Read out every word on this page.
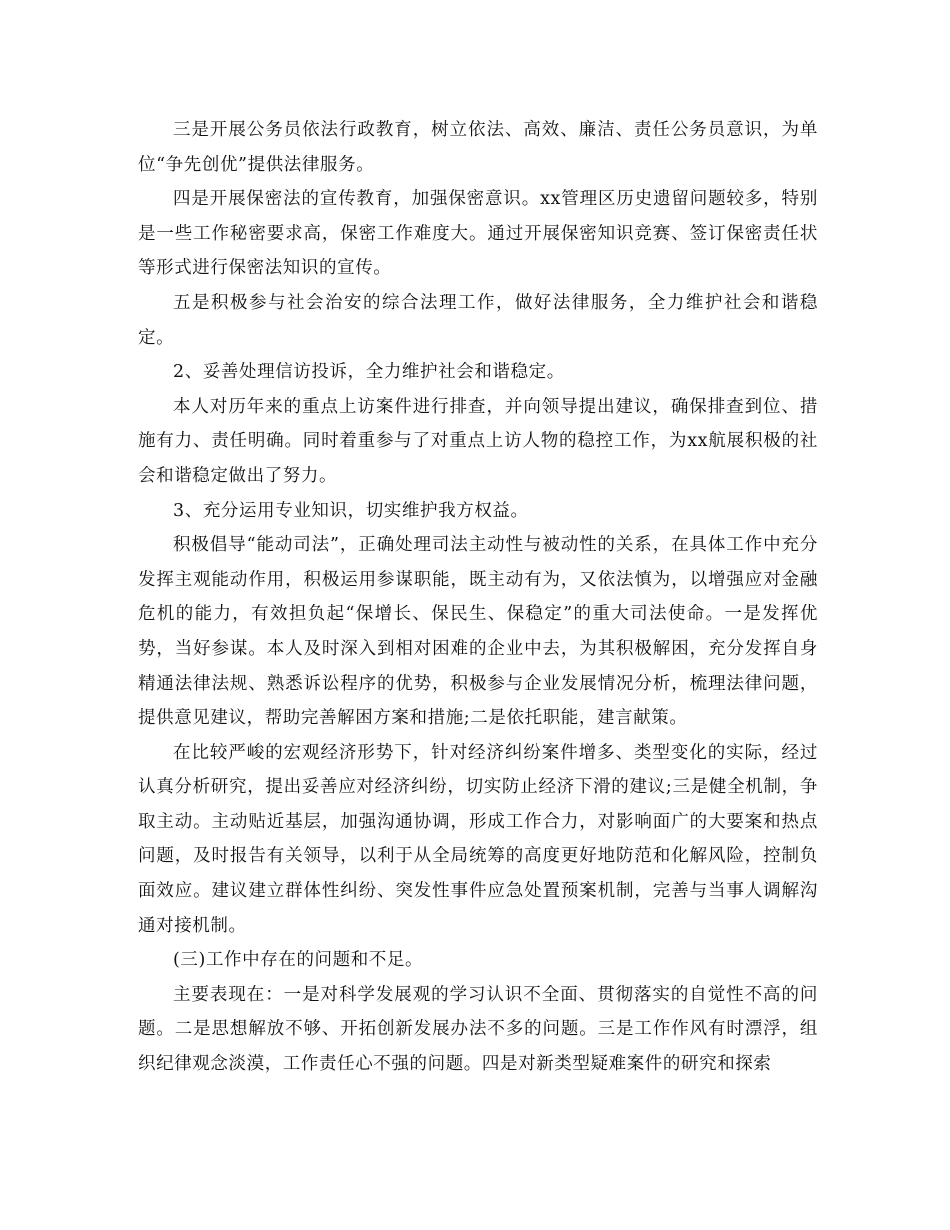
三是开展公务员依法行政教育，树立依法、高效、廉洁、责任公务员意识，为单位“争先创优”提供法律服务。

四是开展保密法的宣传教育，加强保密意识。xx管理区历史遗留问题较多，特别是一些工作秘密要求高，保密工作难度大。通过开展保密知识竞赛、签订保密责任状等形式进行保密法知识的宣传。

五是积极参与社会治安的综合法理工作，做好法律服务，全力维护社会和谐稳定。

2、妥善处理信访投诉，全力维护社会和谐稳定。

本人对历年来的重点上访案件进行排查，并向领导提出建议，确保排查到位、措施有力、责任明确。同时着重参与了对重点上访人物的稳控工作，为xx航展积极的社会和谐稳定做出了努力。

3、充分运用专业知识，切实维护我方权益。

积极倡导“能动司法”，正确处理司法主动性与被动性的关系，在具体工作中充分发挥主观能动作用，积极运用参谋职能，既主动有为，又依法慎为，以增强应对金融危机的能力，有效担负起“保增长、保民生、保稳定”的重大司法使命。一是发挥优势，当好参谋。本人及时深入到相对困难的企业中去，为其积极解困，充分发挥自身精通法律法规、熟悉诉讼程序的优势，积极参与企业发展情况分析，梳理法律问题，提供意见建议，帮助完善解困方案和措施;二是依托职能，建言献策。

在比较严峻的宏观经济形势下，针对经济纠纷案件增多、类型变化的实际，经过认真分析研究，提出妥善应对经济纠纷，切实防止经济下滑的建议;三是健全机制，争取主动。主动贴近基层，加强沟通协调，形成工作合力，对影响面广的大要案和热点问题，及时报告有关领导，以利于从全局统筹的高度更好地防范和化解风险，控制负面效应。建议建立群体性纠纷、突发性事件应急处置预案机制，完善与当事人调解沟通对接机制。

(三)工作中存在的问题和不足。

主要表现在：一是对科学发展观的学习认识不全面、贯彻落实的自觉性不高的问题。二是思想解放不够、开拓创新发展办法不多的问题。三是工作作风有时漂浮，组织纪律观念淡漠，工作责任心不强的问题。四是对新类型疑难案件的研究和探索
